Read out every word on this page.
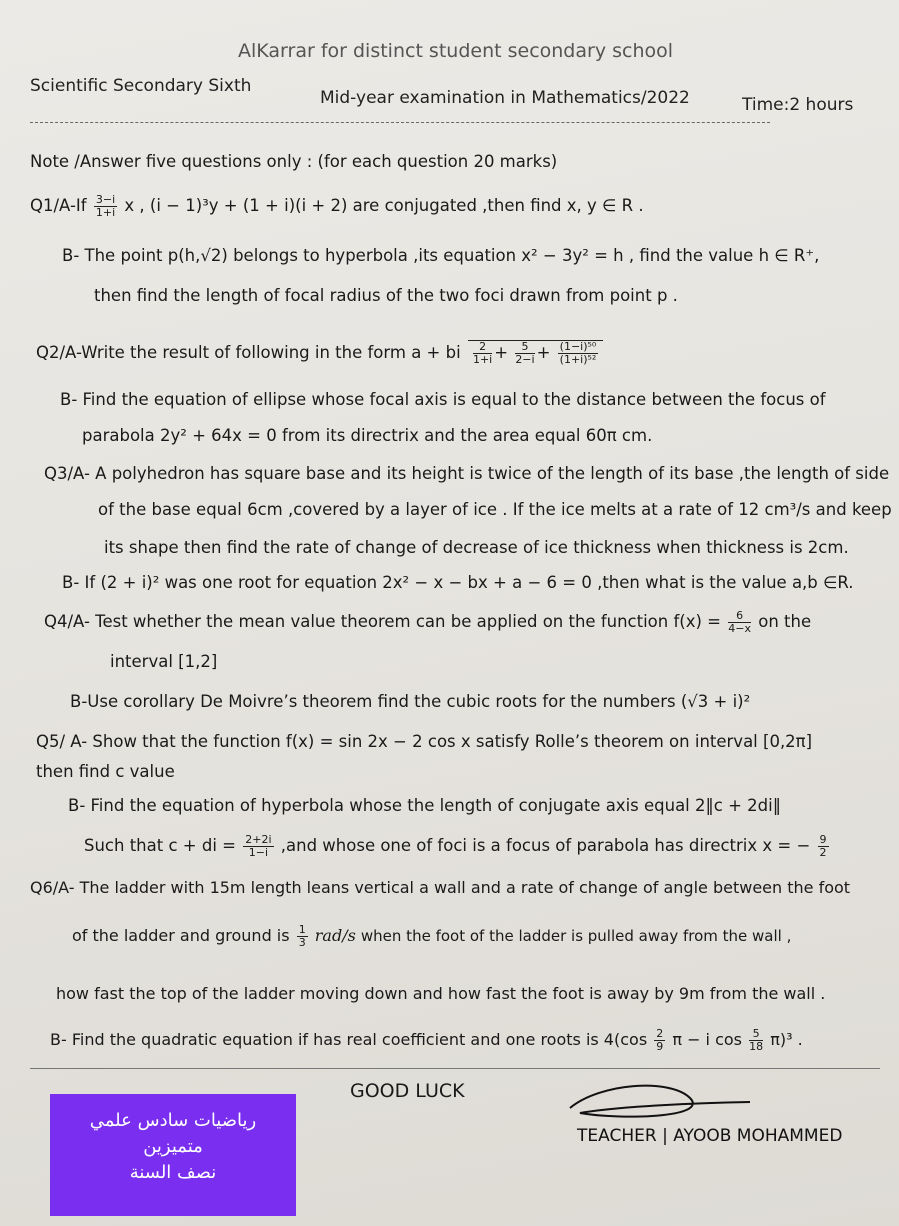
AlKarrar for distinct student secondary school
Scientific Secondary Sixth
Mid-year examination in Mathematics/2022	Time:2 hours
Note /Answer five questions only : (for each question 20 marks)
$Q1/A-If \frac{3-i}{1+i}$ x , (i − 1)³y + (1 + i)(i + 2) are conjugated ,then find x, y ∈ R .
B- The point p(h,√2) belongs to hyperbola ,its equation x² − 3y² = h , find the value h ∈ R⁺,
then find the length of focal radius of the two foci drawn from point p .
Q2/A-Write the result of following in the form a + bi $\frac{2}{1+i} + \frac{5}{2-i} + \frac{\text{(1−i)⁵⁰}}{\text{(1+i)⁵²}}$
B- Find the equation of ellipse whose focal axis is equal to the distance between the focus of
parabola 2y² + 64x = 0 from its directrix and the area equal 60π cm.
Q3/A- A polyhedron has square base and its height is twice of the length of its base ,the length of side
of the base equal 6cm ,covered by a layer of ice . If the ice melts at a rate of 12 cm³/s and keep
its shape then find the rate of change of decrease of ice thickness when thickness is 2cm.
B- If (2 + i)² was one root for equation 2x² − x − bx + a − 6 = 0 ,then what is the value a,b ∈R.
Q4/A- Test whether the mean value theorem can be applied on the function $f(x) = \frac{6}{4-x}$ on the
interval [1,2]
B-Use corollary De Moivre’s theorem find the cubic roots for the numbers (√3 + i)²
Q5/ A- Show that the function f(x) = sin 2x − 2 cos x satisfy Rolle’s theorem on interval [0,2π]
then find c value
B- Find the equation of hyperbola whose the length of conjugate axis equal 2‖c + 2di‖
Such that c + di = $\frac{2+2i}{1-i} ,and$ whose one of foci is a focus of parabola has directrix x = − $\frac{9}{2}$
Q6/A- The ladder with 15m length leans vertical a wall and a rate of change of angle between the foot
of the ladder and ground is $\frac{1}{3} rad/s$ when the foot of the ladder is pulled away from the wall ,
how fast the top of the ladder moving down and how fast the foot is away by 9m from the wall .
B- Find the quadratic equation if has real coefficient and one roots is $4(\cos \frac{2}{9}$ π − i $\cos \frac{5}{18} \pi)^3$ .
GOOD LUCK
TEACHER | AYOOB MOHAMMED
رياضيات سادس علمي
متميزين
نصف السنة
